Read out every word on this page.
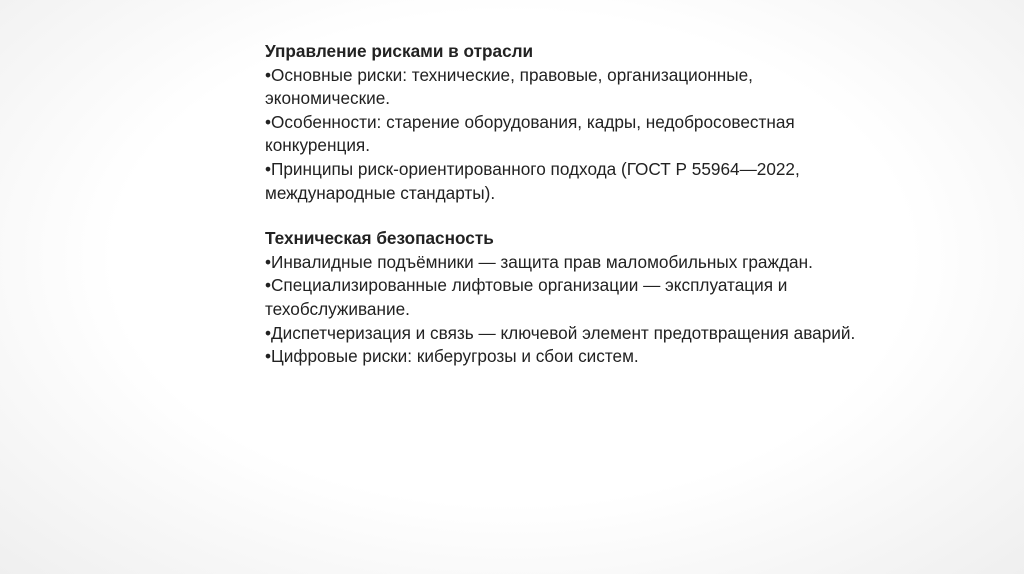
Управление рисками в отрасли

•Основные риски: технические, правовые, организационные, экономические.
•Особенности: старение оборудования, кадры, недобросовестная конкуренция.
•Принципы риск-ориентированного подхода (ГОСТ Р 55964—2022, международные стандарты).

Техническая безопасность

•Инвалидные подъёмники — защита прав маломобильных граждан.
•Специализированные лифтовые организации — эксплуатация и техобслуживание.
•Диспетчеризация и связь — ключевой элемент предотвращения аварий.
•Цифровые риски: киберугрозы и сбои систем.
